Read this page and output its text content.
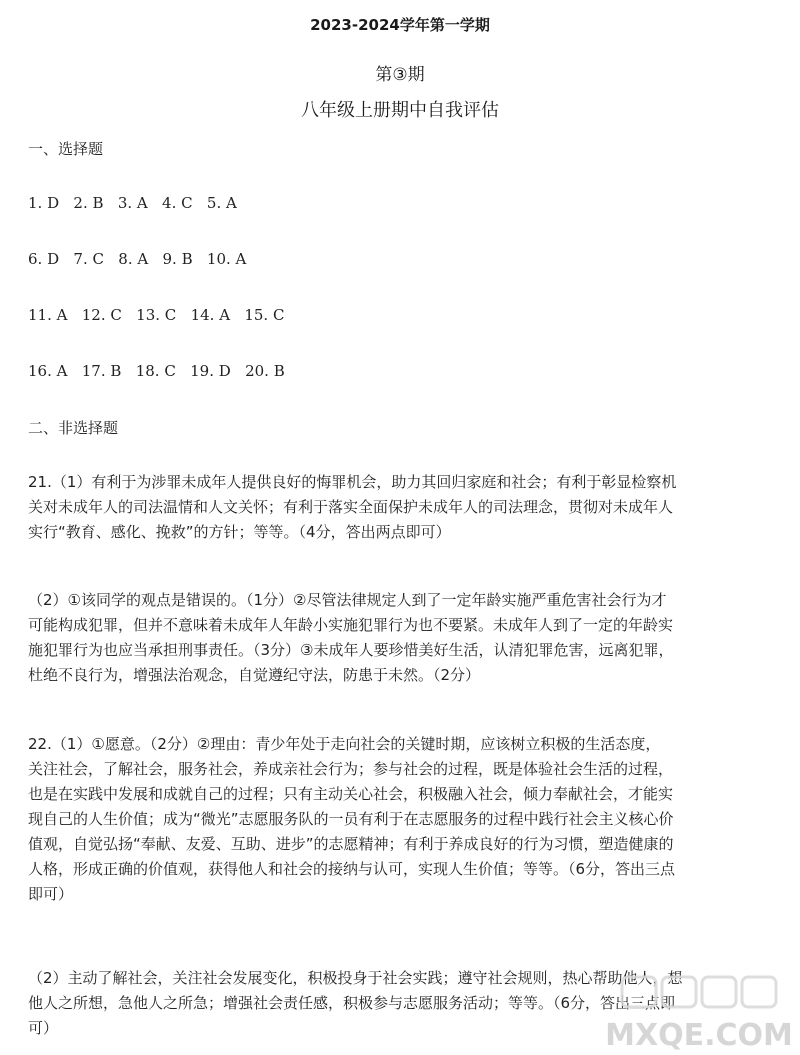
2023-2024学年第一学期
第③期
八年级上册期中自我评估
一、选择题
1. D   2. B   3. A   4. C   5. A
6. D   7. C   8. A   9. B   10. A
11. A   12. C   13. C   14. A   15. C
16. A   17. B   18. C   19. D   20. B
二、非选择题

21.（1）有利于为涉罪未成年人提供良好的悔罪机会，助力其回归家庭和社会；有利于彰显检察机

关对未成年人的司法温情和人文关怀；有利于落实全面保护未成年人的司法理念，贯彻对未成年人

实行“教育、感化、挽救”的方针；等等。（4分，答出两点即可）

（2）①该同学的观点是错误的。（1分）②尽管法律规定人到了一定年龄实施严重危害社会行为才

可能构成犯罪，但并不意味着未成年人年龄小实施犯罪行为也不要紧。未成年人到了一定的年龄实

施犯罪行为也应当承担刑事责任。（3分）③未成年人要珍惜美好生活，认清犯罪危害，远离犯罪，

杜绝不良行为，增强法治观念，自觉遵纪守法，防患于未然。（2分）

22.（1）①愿意。（2分）②理由：青少年处于走向社会的关键时期，应该树立积极的生活态度，

关注社会，了解社会，服务社会，养成亲社会行为；参与社会的过程，既是体验社会生活的过程，

也是在实践中发展和成就自己的过程；只有主动关心社会，积极融入社会，倾力奉献社会，才能实

现自己的人生价值；成为“微光”志愿服务队的一员有利于在志愿服务的过程中践行社会主义核心价

值观，自觉弘扬“奉献、友爱、互助、进步”的志愿精神；有利于养成良好的行为习惯，塑造健康的

人格，形成正确的价值观，获得他人和社会的接纳与认可，实现人生价值；等等。（6分，答出三点

即可）

（2）主动了解社会，关注社会发展变化，积极投身于社会实践；遵守社会规则，热心帮助他人，想

他人之所想，急他人之所急；增强社会责任感，积极参与志愿服务活动；等等。（6分，答出三点即

可）	MXQE.COM
